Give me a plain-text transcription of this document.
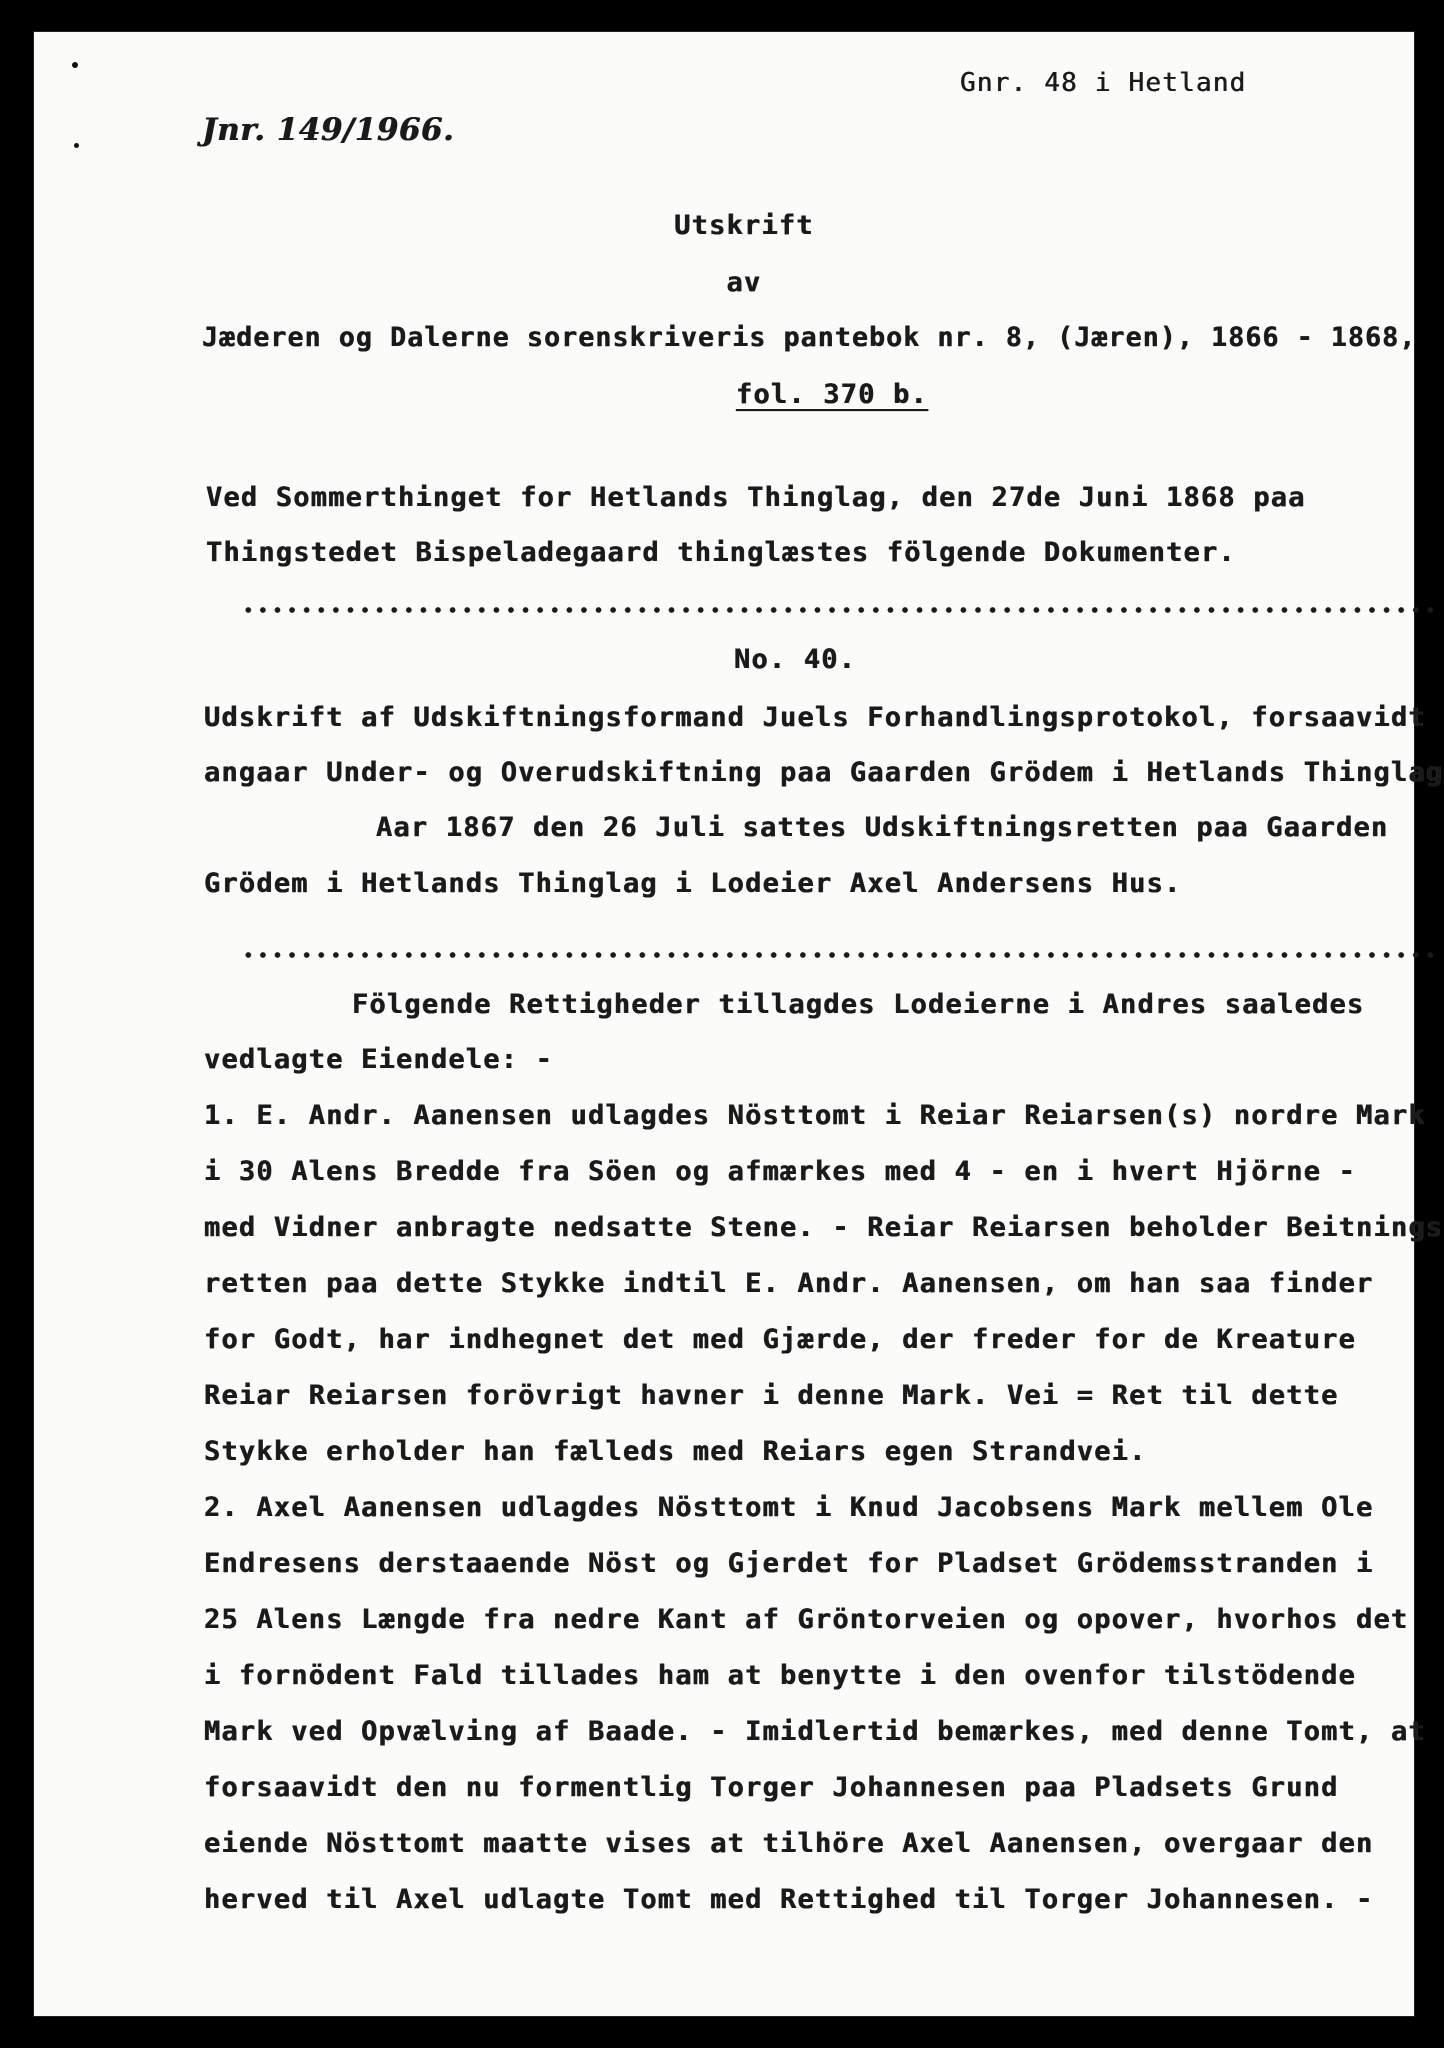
Gnr. 48 i Hetland
Jnr. 149/1966.
Utskrift
av
Jæderen og Dalerne sorenskriveris pantebok nr. 8, (Jæren), 1866 - 1868,
fol. 370 b.
Ved Sommerthinget for Hetlands Thinglag, den 27de Juni 1868 paa
Thingstedet Bispeladegaard thinglæstes fölgende Dokumenter.
No. 40.
Udskrift af Udskiftningsformand Juels Forhandlingsprotokol, forsaavidt
angaar Under- og Overudskiftning paa Gaarden Grödem i Hetlands Thinglag
Aar 1867 den 26 Juli sattes Udskiftningsretten paa Gaarden
Grödem i Hetlands Thinglag i Lodeier Axel Andersens Hus.
Fölgende Rettigheder tillagdes Lodeierne i Andres saaledes
vedlagte Eiendele: -
1. E. Andr. Aanensen udlagdes Nösttomt i Reiar Reiarsen(s) nordre Mark
i 30 Alens Bredde fra Söen og afmærkes med 4 - en i hvert Hjörne -
med Vidner anbragte nedsatte Stene. - Reiar Reiarsen beholder Beitnings
retten paa dette Stykke indtil E. Andr. Aanensen, om han saa finder
for Godt, har indhegnet det med Gjærde, der freder for de Kreature
Reiar Reiarsen forövrigt havner i denne Mark. Vei = Ret til dette
Stykke erholder han fælleds med Reiars egen Strandvei.
2. Axel Aanensen udlagdes Nösttomt i Knud Jacobsens Mark mellem Ole
Endresens derstaaende Nöst og Gjerdet for Pladset Grödemsstranden i
25 Alens Længde fra nedre Kant af Gröntorveien og opover, hvorhos det
i fornödent Fald tillades ham at benytte i den ovenfor tilstödende
Mark ved Opvælving af Baade. - Imidlertid bemærkes, med denne Tomt, at
forsaavidt den nu formentlig Torger Johannesen paa Pladsets Grund
eiende Nösttomt maatte vises at tilhöre Axel Aanensen, overgaar den
herved til Axel udlagte Tomt med Rettighed til Torger Johannesen. -
